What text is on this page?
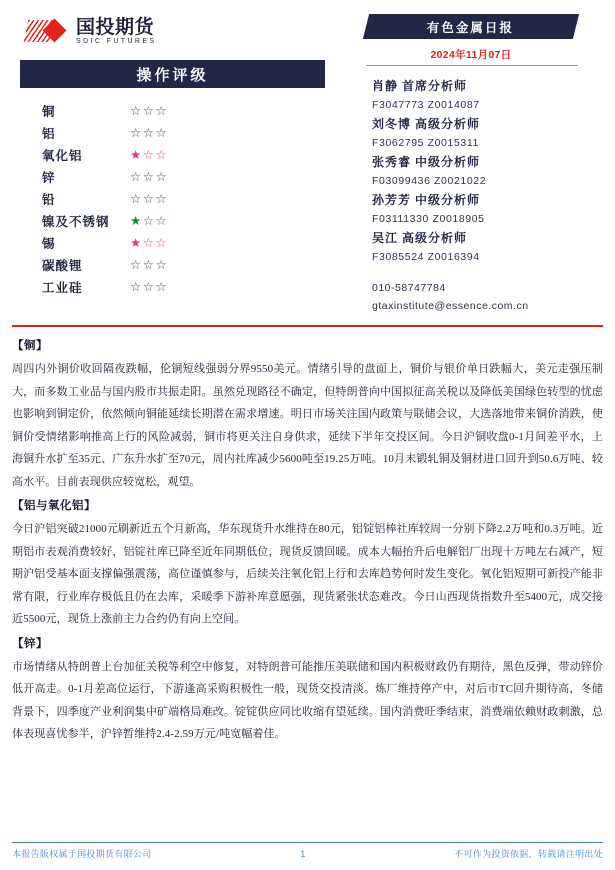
国投期货
SDIC FUTURES
操作评级
铜	☆☆☆
铝	☆☆☆
氧化铝	★☆☆
锌	☆☆☆
铅	☆☆☆
镍及不锈钢	★☆☆
锡	★☆☆
碳酸锂	☆☆☆
工业硅	☆☆☆
有色金属日报
2024年11月07日
肖静 首席分析师
F3047773 Z0014087
刘冬博 高级分析师
F3062795 Z0015311
张秀睿 中级分析师
F03099436 Z0021022
孙芳芳 中级分析师
F03111330 Z0018905
吴江 高级分析师
F3085524 Z0016394
010-58747784
gtaxinstitute@essence.com.cn
【铜】
周四内外铜价收回隔夜跌幅，伦铜短线强弱分界9550美元。情绪引导的盘面上，铜价与银价单日跌幅大，美元走强压制大，而多数工业品与国内股市共振走阳。虽然兑现路径不确定，但特朗普向中国拟征高关税以及降低美国绿色转型的忧虑也影响到铜定价，依然倾向铜能延续长期潜在需求增速。明日市场关注国内政策与联储会议，大选落地带来铜价消跌，使铜价受情绪影响推高上行的风险减弱，铜市将更关注自身供求，延续下半年交投区间。今日沪铜收盘0-1月间差平水，上海铜升水扩至35元、广东升水扩至70元，周内社库减少5600吨至19.25万吨。10月未锻轧铜及铜材进口回升到50.6万吨、较高水平。目前表现供应较宽松，观望。
【铝与氧化铝】
今日沪铝突破21000元刷新近五个月新高，华东现货升水维持在80元，铝锭铝棒社库较周一分别下降2.2万吨和0.3万吨。近期铝市表观消费较好，铝锭社库已降至近年同期低位，现货反馈回暖。成本大幅抬升后电解铝厂出现十万吨左右减产，短期沪铝受基本面支撑偏强震荡，高位谨慎参与，后续关注氧化铝上行和去库趋势何时发生变化。氧化铝短期可新投产能非常有限，行业库存极低且仍在去库，采暖季下游补库意愿强，现货紧张状态难改。今日山西现货指数升至5400元，成交接近5500元，现货上涨前主力合约仍有向上空间。
【锌】
市场情绪从特朗普上台加征关税等利空中修复，对特朗普可能推压美联储和国内积极财政仍有期待，黑色反弹，带动锌价低开高走。0-1月差高位运行，下游逢高采购积极性一般，现货交投清淡。炼厂维持停产中，对后市TC回升期待高，冬储背景下，四季度产业利润集中矿端格局难改。锭锭供应同比收缩有望延续。国内消费旺季结束，消费端依赖财政刺激，总体表现喜忧参半，沪锌暂维持2.4-2.59万元/吨宽幅着佳。
本报告版权属于国投期货有限公司	1	不可作为投资依据，转载请注明出处
